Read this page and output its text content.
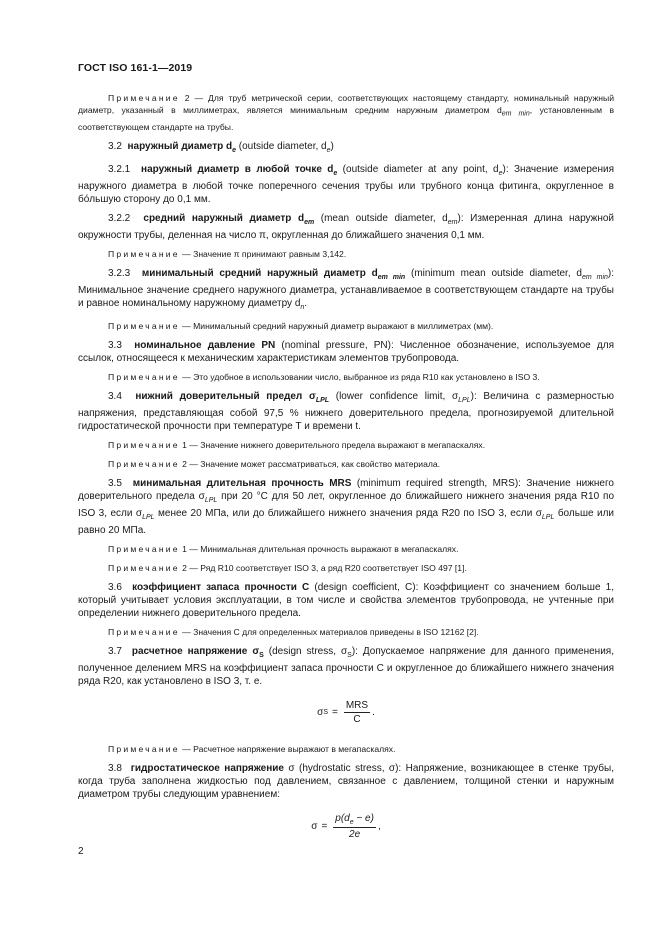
ГОСТ ISO 161-1—2019
Примечание 2 — Для труб метрической серии, соответствующих настоящему стандарту, номинальный наружный диаметр, указанный в миллиметрах, является минимальным средним наружным диаметром $d_{em min}$, установленным в соответствующем стандарте на трубы.
3.2 наружный диаметр $d_e$ (outside diameter, $d_e$)
3.2.1 наружный диаметр в любой точке $d_e$ (outside diameter at any point, $d_e$): Значение измерения наружного диаметра в любой точке поперечного сечения трубы или трубного конца фитинга, округленное в бо́льшую сторону до 0,1 мм.
3.2.2 средний наружный диаметр $d_{em}$ (mean outside diameter, $d_{em}$): Измеренная длина наружной окружности трубы, деленная на число π, округленная до ближайшего значения 0,1 мм.
Примечание — Значение π принимают равным 3,142.
3.2.3 минимальный средний наружный диаметр $d_{em min}$ (minimum mean outside diameter, $d_{em min}$): Минимальное значение среднего наружного диаметра, устанавливаемое в соответствующем стандарте на трубы и равное номинальному наружному диаметру $d_n$.
Примечание — Минимальный средний наружный диаметр выражают в миллиметрах (мм).
3.3 номинальное давление PN (nominal pressure, PN): Численное обозначение, используемое для ссылок, относящееся к механическим характеристикам элементов трубопровода.
Примечание — Это удобное в использовании число, выбранное из ряда R10 как установлено в ISO 3.
3.4 нижний доверительный предел $\sigma_{LPL}$ (lower confidence limit, $\sigma_{LPL}$): Величина с размерностью напряжения, представляющая собой 97,5 % нижнего доверительного предела, прогнозируемой длительной гидростатической прочности при температуре T и времени t.
Примечание 1 — Значение нижнего доверительного предела выражают в мегапаскалях.
Примечание 2 — Значение может рассматриваться, как свойство материала.
3.5 минимальная длительная прочность MRS (minimum required strength, MRS): Значение нижнего доверительного предела $\sigma_{LPL}$ при 20 °C для 50 лет, округленное до ближайшего нижнего значения ряда R10 по ISO 3, если $\sigma_{LPL}$ менее 20 МПа, или до ближайшего нижнего значения ряда R20 по ISO 3, если $\sigma_{LPL}$ больше или равно 20 МПа.
Примечание 1 — Минимальная длительная прочность выражают в мегапаскалях.
Примечание 2 — Ряд R10 соответствует ISO 3, а ряд R20 соответствует ISO 497 [1].
3.6 коэффициент запаса прочности C (design coefficient, C): Коэффициент со значением больше 1, который учитывает условия эксплуатации, в том числе и свойства элементов трубопровода, не учтенные при определении нижнего доверительного предела.
Примечание — Значения C для определенных материалов приведены в ISO 12162 [2].
3.7 расчетное напряжение $\sigma_S$ (design stress, $\sigma_S$): Допускаемое напряжение для данного применения, полученное делением MRS на коэффициент запаса прочности C и округленное до ближайшего нижнего значения ряда R20, как установлено в ISO 3, т. е.
σ $S = \frac{\text{MRS}}{C}$ .
Примечание — Расчетное напряжение выражают в мегапаскалях.
3.8 гидростатическое напряжение σ (hydrostatic stress, σ): Напряжение, возникающее в стенке трубы, когда труба заполнена жидкостью под давлением, связанное с давлением, толщиной стенки и наружным диаметром трубы следующим уравнением:
$\sigma = \frac{p(d_e - e)}{2e}$ ,
2
